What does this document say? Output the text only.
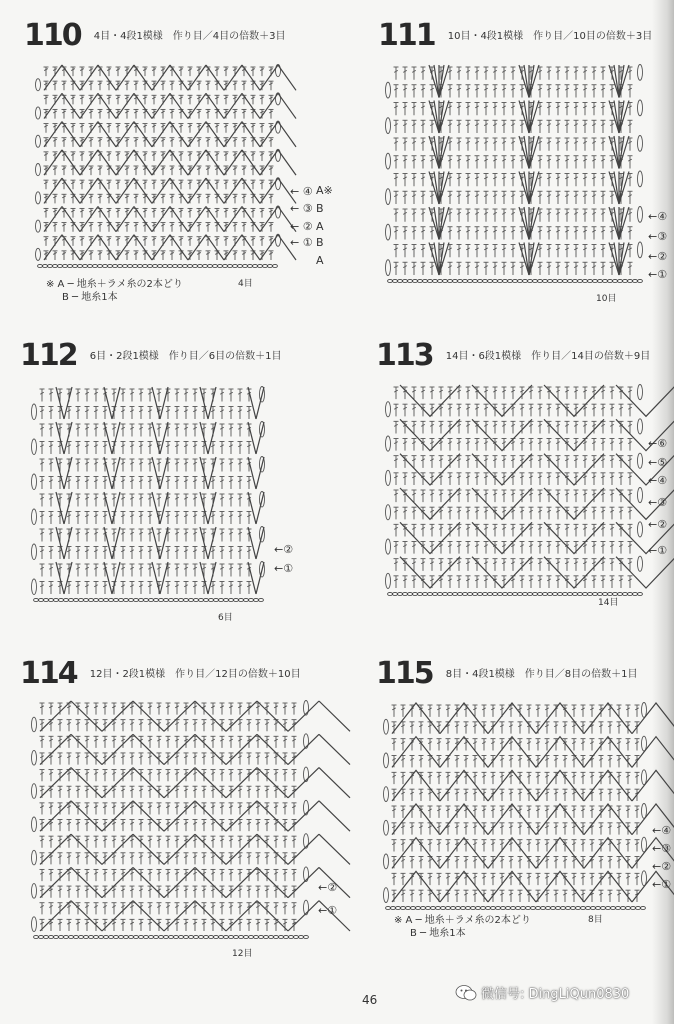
110 4目・4段1模様　作り目／4目の倍数＋3目
← ④
← ③
← ②
← ①
A※
B
A
B
A
4目
※ A ─ 地糸＋ラメ糸の2本どり
B ─ 地糸1本
111 10目・4段1模様　作り目／10目の倍数＋3目
←④
←③
←②
←①
10目
112 6目・2段1模様　作り目／6目の倍数＋1目
←②
←①
6目
113 14目・6段1模様　作り目／14目の倍数＋9目
←⑥
←⑤
←④
←③
←②
←①
14目
114 12目・2段1模様　作り目／12目の倍数＋10目
←②
←①
12目
115 8目・4段1模様　作り目／8目の倍数＋1目
←④
←③
←②
←①
8目
※ A ─ 地糸＋ラメ糸の2本どり
B ─ 地糸1本
46	微信号: DingLiQun0830
